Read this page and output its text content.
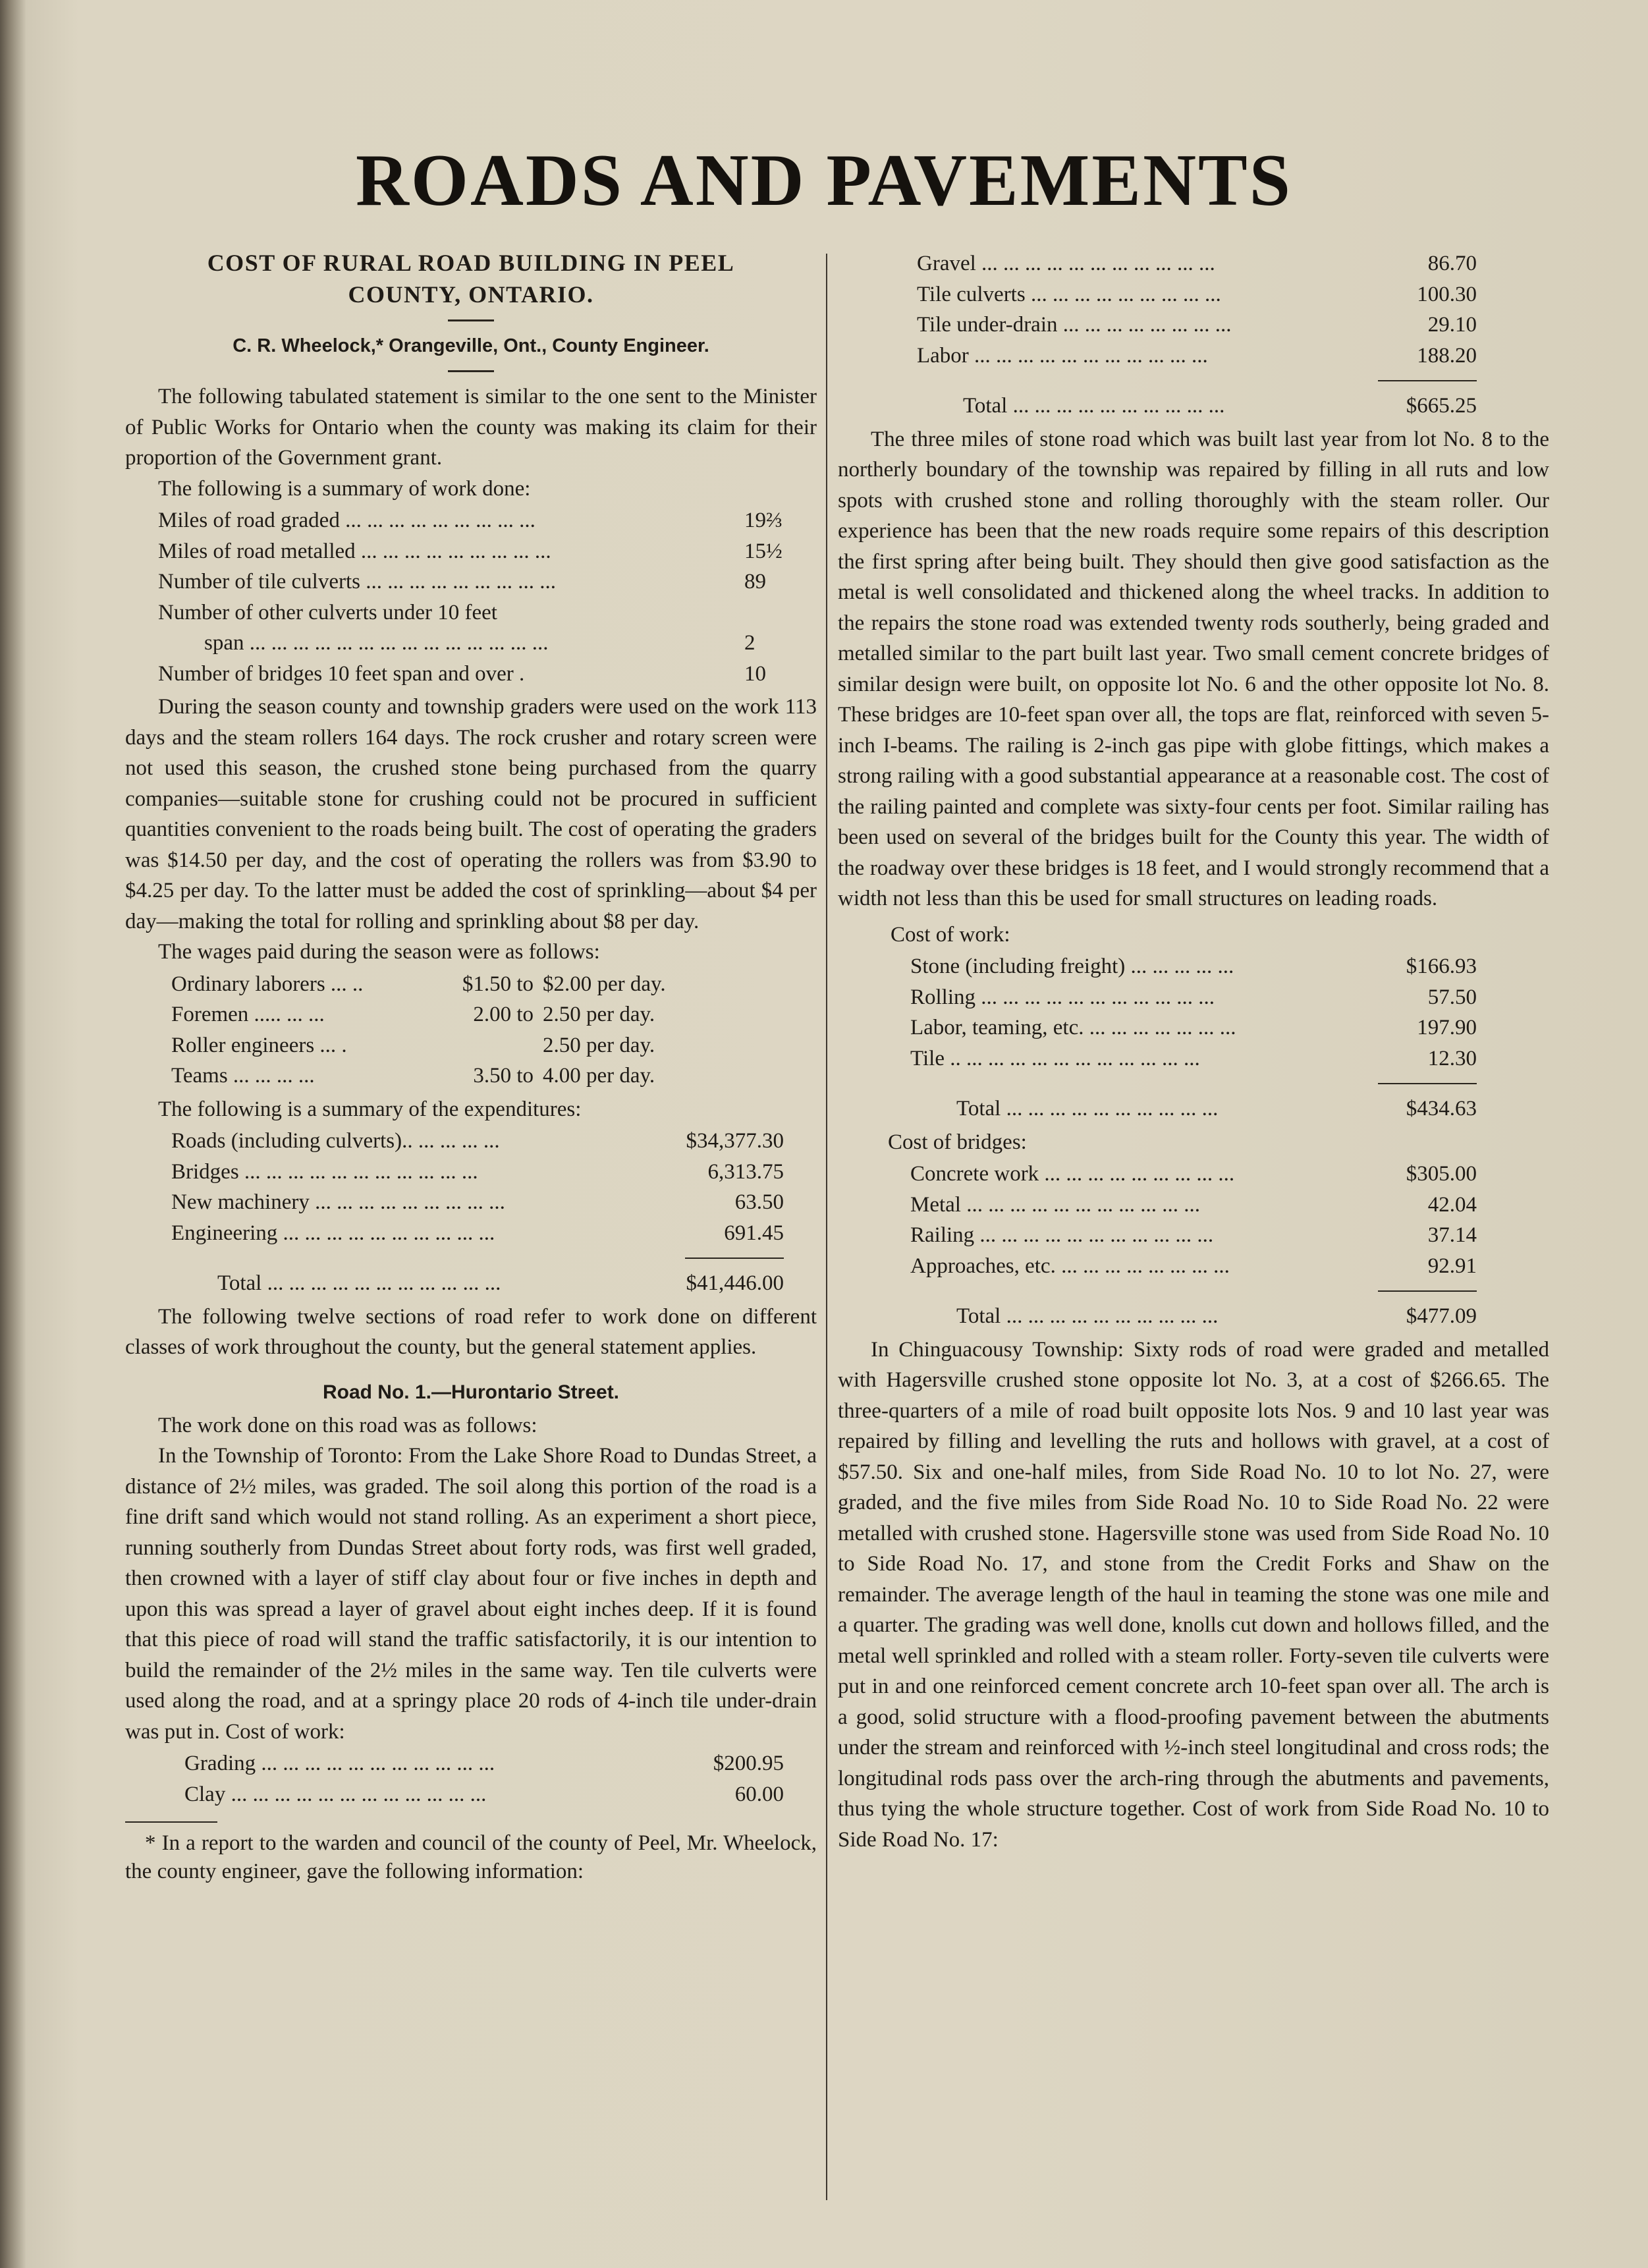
ROADS AND PAVEMENTS
COST OF RURAL ROAD BUILDING IN PEEL
COUNTY, ONTARIO.

C. R. Wheelock,* Orangeville, Ont., County Engineer.

The following tabulated statement is similar to the one sent to the Minister of Public Works for Ontario when the county was making its claim for their proportion of the Government grant.

The following is a summary of work done:

Miles of road graded ... ... ... ... ... ... ... ... ...	19⅔
Miles of road metalled ... ... ... ... ... ... ... ... ...	15½
Number of tile culverts ... ... ... ... ... ... ... ... ...	89
Number of other culverts under 10 feet
span ... ... ... ... ... ... ... ... ... ... ... ... ... ...	2
Number of bridges 10 feet span and over .	10

During the season county and township graders were used on the work 113 days and the steam rollers 164 days. The rock crusher and rotary screen were not used this season, the crushed stone being purchased from the quarry companies—suitable stone for crushing could not be procured in sufficient quantities convenient to the roads being built. The cost of operating the graders was $14.50 per day, and the cost of operating the rollers was from $3.90 to $4.25 per day. To the latter must be added the cost of sprinkling—about $4 per day—making the total for rolling and sprinkling about $8 per day.

The wages paid during the season were as follows:

Ordinary laborers ... ..	$1.50 to $2.00 per day.
Foremen ..... ... ...	2.00 to 2.50 per day.
Roller engineers ... .	2.50 per day.
Teams ... ... ... ...	3.50 to 4.00 per day.

The following is a summary of the expenditures:

Roads (including culverts).. ... ... ... ...	$34,377.30
Bridges ... ... ... ... ... ... ... ... ... ... ...	6,313.75
New machinery ... ... ... ... ... ... ... ... ...	63.50
Engineering ... ... ... ... ... ... ... ... ... ...	691.45
Total ... ... ... ... ... ... ... ... ... ... ...	$41,446.00

The following twelve sections of road refer to work done on different classes of work throughout the county, but the general statement applies.

Road No. 1.—Hurontario Street.

The work done on this road was as follows:

In the Township of Toronto: From the Lake Shore Road to Dundas Street, a distance of 2½ miles, was graded. The soil along this portion of the road is a fine drift sand which would not stand rolling. As an experiment a short piece, running southerly from Dundas Street about forty rods, was first well graded, then crowned with a layer of stiff clay about four or five inches in depth and upon this was spread a layer of gravel about eight inches deep. If it is found that this piece of road will stand the traffic satisfactorily, it is our intention to build the remainder of the 2½ miles in the same way. Ten tile culverts were used along the road, and at a springy place 20 rods of 4-inch tile under-drain was put in. Cost of work:

Grading ... ... ... ... ... ... ... ... ... ... ...	$200.95
Clay ... ... ... ... ... ... ... ... ... ... ... ...	60.00

* In a report to the warden and council of the county of Peel, Mr. Wheelock, the county engineer, gave the following information:

Gravel ... ... ... ... ... ... ... ... ... ... ...	86.70
Tile culverts ... ... ... ... ... ... ... ... ...	100.30
Tile under-drain ... ... ... ... ... ... ... ...	29.10
Labor ... ... ... ... ... ... ... ... ... ... ...	188.20
Total ... ... ... ... ... ... ... ... ... ...	$665.25

The three miles of stone road which was built last year from lot No. 8 to the northerly boundary of the township was repaired by filling in all ruts and low spots with crushed stone and rolling thoroughly with the steam roller. Our experience has been that the new roads require some repairs of this description the first spring after being built. They should then give good satisfaction as the metal is well consolidated and thickened along the wheel tracks. In addition to the repairs the stone road was extended twenty rods southerly, being graded and metalled similar to the part built last year. Two small cement concrete bridges of similar design were built, on opposite lot No. 6 and the other opposite lot No. 8. These bridges are 10-feet span over all, the tops are flat, reinforced with seven 5-inch I-beams. The railing is 2-inch gas pipe with globe fittings, which makes a strong railing with a good substantial appearance at a reasonable cost. The cost of the railing painted and complete was sixty-four cents per foot. Similar railing has been used on several of the bridges built for the County this year. The width of the roadway over these bridges is 18 feet, and I would strongly recommend that a width not less than this be used for small structures on leading roads.

Cost of work:

Stone (including freight) ... ... ... ... ...	$166.93
Rolling ... ... ... ... ... ... ... ... ... ... ...	57.50
Labor, teaming, etc. ... ... ... ... ... ... ...	197.90
Tile .. ... ... ... ... ... ... ... ... ... ... ...	12.30
Total ... ... ... ... ... ... ... ... ... ...	$434.63

Cost of bridges:

Concrete work ... ... ... ... ... ... ... ... ...	$305.00
Metal ... ... ... ... ... ... ... ... ... ... ...	42.04
Railing ... ... ... ... ... ... ... ... ... ... ...	37.14
Approaches, etc. ... ... ... ... ... ... ... ...	92.91
Total ... ... ... ... ... ... ... ... ... ...	$477.09

In Chinguacousy Township: Sixty rods of road were graded and metalled with Hagersville crushed stone opposite lot No. 3, at a cost of $266.65. The three-quarters of a mile of road built opposite lots Nos. 9 and 10 last year was repaired by filling and levelling the ruts and hollows with gravel, at a cost of $57.50. Six and one-half miles, from Side Road No. 10 to lot No. 27, were graded, and the five miles from Side Road No. 10 to Side Road No. 22 were metalled with crushed stone. Hagersville stone was used from Side Road No. 10 to Side Road No. 17, and stone from the Credit Forks and Shaw on the remainder. The average length of the haul in teaming the stone was one mile and a quarter. The grading was well done, knolls cut down and hollows filled, and the metal well sprinkled and rolled with a steam roller. Forty-seven tile culverts were put in and one reinforced cement concrete arch 10-feet span over all. The arch is a good, solid structure with a flood-proofing pavement between the abutments under the stream and reinforced with ½-inch steel longitudinal and cross rods; the longitudinal rods pass over the arch-ring through the abutments and pavements, thus tying the whole structure together. Cost of work from Side Road No. 10 to Side Road No. 17:
